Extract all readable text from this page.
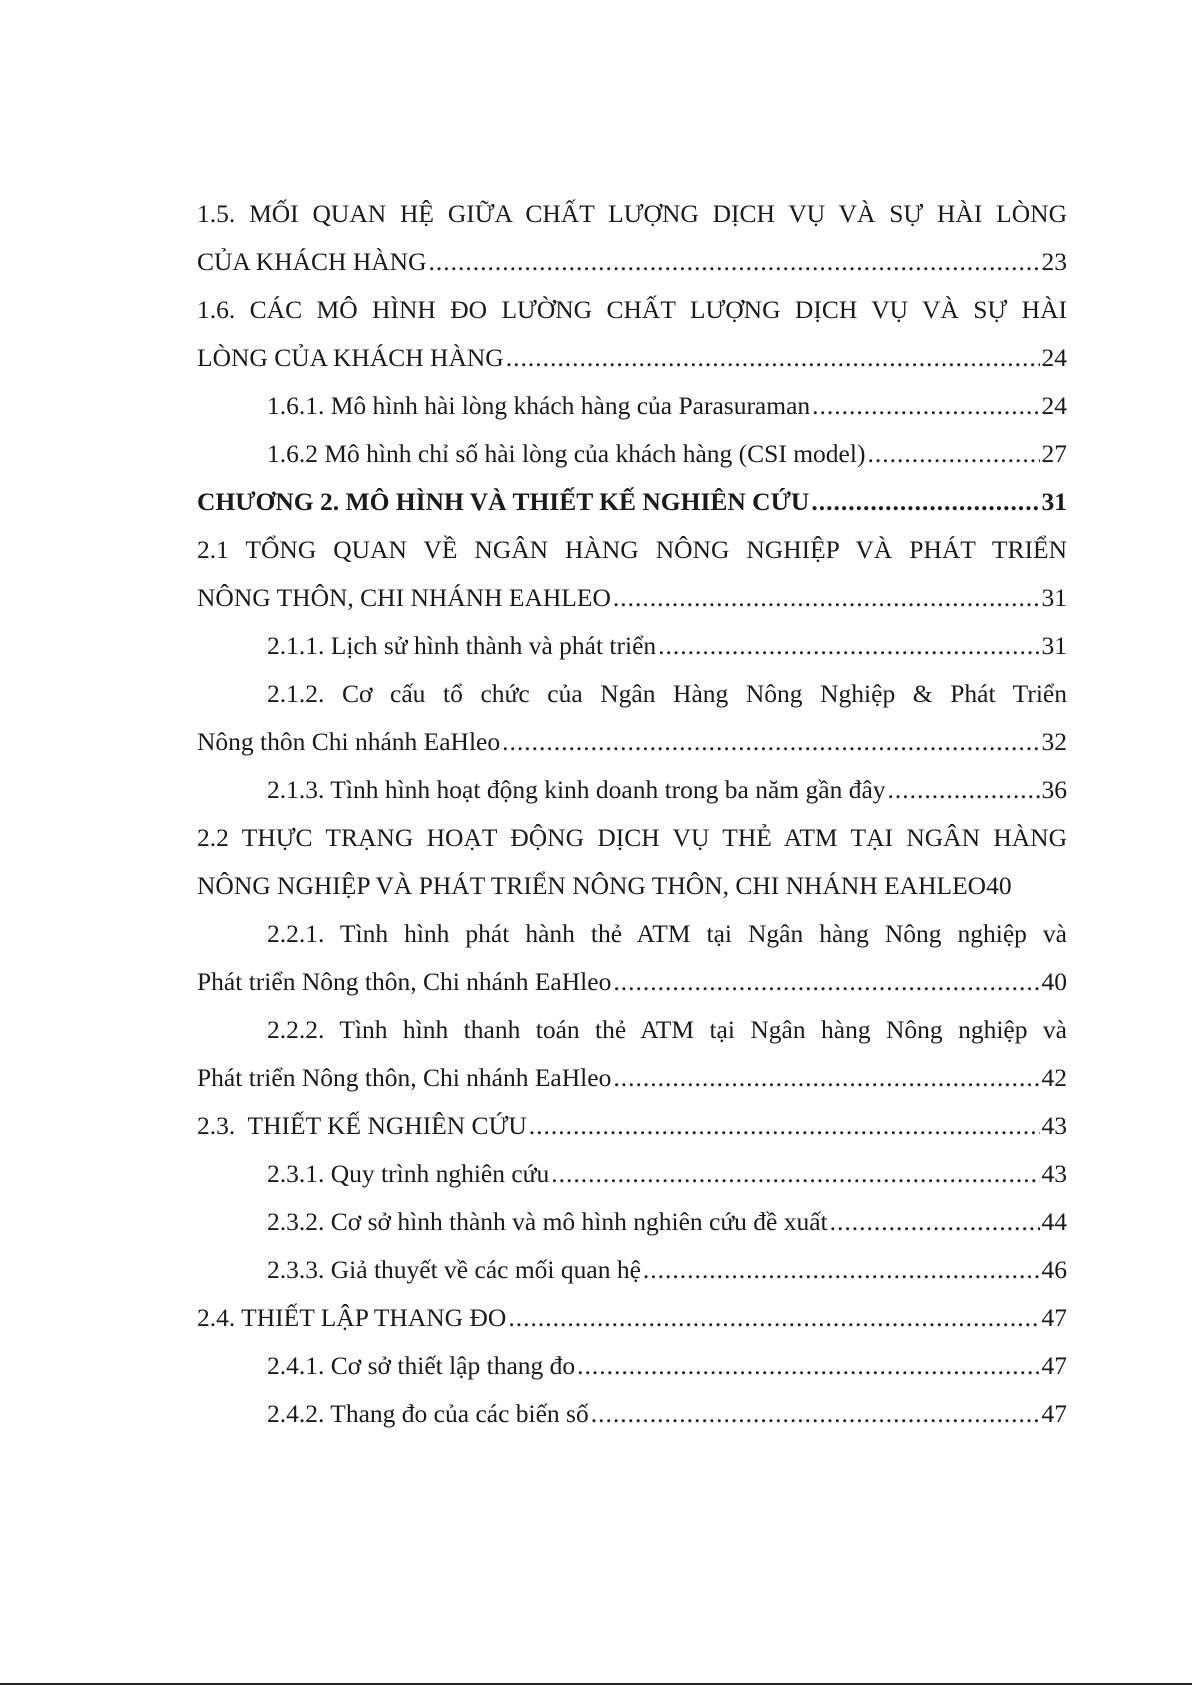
1.5. MỐI QUAN HỆ GIỮA CHẤT LƯỢNG DỊCH VỤ VÀ SỰ HÀI LÒNG
CỦA KHÁCH HÀNG .....	23
1.6. CÁC MÔ HÌNH ĐO LƯỜNG CHẤT LƯỢNG DỊCH VỤ VÀ SỰ HÀI
LÒNG CỦA KHÁCH HÀNG .....	24
1.6.1. Mô hình hài lòng khách hàng của Parasuraman .....	24
1.6.2 Mô hình chỉ số hài lòng của khách hàng (CSI model) .....	27
CHƯƠNG 2. MÔ HÌNH VÀ THIẾT KẾ NGHIÊN CỨU .....	31
2.1 TỔNG QUAN VỀ NGÂN HÀNG NÔNG NGHIỆP VÀ PHÁT TRIỂN
NÔNG THÔN, CHI NHÁNH EAHLEO .....	31
2.1.1. Lịch sử hình thành và phát triển .....	31
2.1.2. Cơ cấu tổ chức của Ngân Hàng Nông Nghiệp & Phát Triển
Nông thôn Chi nhánh EaHleo .....	32
2.1.3. Tình hình hoạt động kinh doanh trong ba năm gần đây .....	36
2.2 THỰC TRẠNG HOẠT ĐỘNG DỊCH VỤ THẺ ATM TẠI NGÂN HÀNG
NÔNG NGHIỆP VÀ PHÁT TRIỂN NÔNG THÔN, CHI NHÁNH EAHLEO 40
2.2.1. Tình hình phát hành thẻ ATM tại Ngân hàng Nông nghiệp và
Phát triển Nông thôn, Chi nhánh EaHleo .....	40
2.2.2. Tình hình thanh toán thẻ ATM tại Ngân hàng Nông nghiệp và
Phát triển Nông thôn, Chi nhánh EaHleo .....	42
2.3.  THIẾT KẾ NGHIÊN CỨU .....	43
2.3.1. Quy trình nghiên cứu .....	43
2.3.2. Cơ sở hình thành và mô hình nghiên cứu đề xuất .....	44
2.3.3. Giả thuyết về các mối quan hệ .....	46
2.4. THIẾT LẬP THANG ĐO .....	47
2.4.1. Cơ sở thiết lập thang đo .....	47
2.4.2. Thang đo của các biến số .....	47
